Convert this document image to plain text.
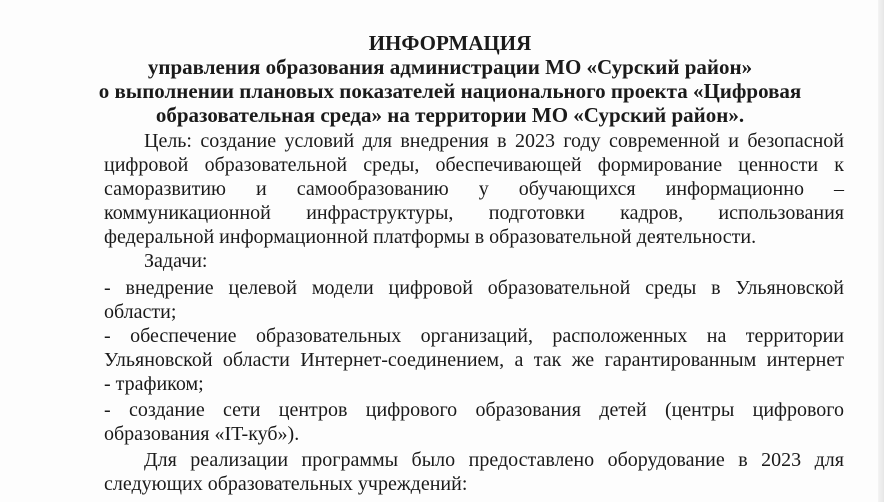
ИНФОРМАЦИЯ
управления образования администрации МО «Сурский район»
о выполнении плановых показателей национального проекта «Цифровая
образовательная среда» на территории МО «Сурский район».
Цель: создание условий для внедрения в 2023 году современной и безопасной
цифровой образовательной среды, обеспечивающей формирование ценности к
саморазвитию и самообразованию у обучающихся информационно –
коммуникационной инфраструктуры, подготовки кадров, использования
федеральной информационной платформы в образовательной деятельности.
Задачи:
- внедрение целевой модели цифровой образовательной среды в Ульяновской
области;
- обеспечение образовательных организаций, расположенных на территории
Ульяновской области Интернет-соединением, а так же гарантированным интернет
- трафиком;
- создание сети центров цифрового образования детей (центры цифрового
образования «IT-куб»).
Для реализации программы было предоставлено оборудование в 2023 для
следующих образовательных учреждений:
